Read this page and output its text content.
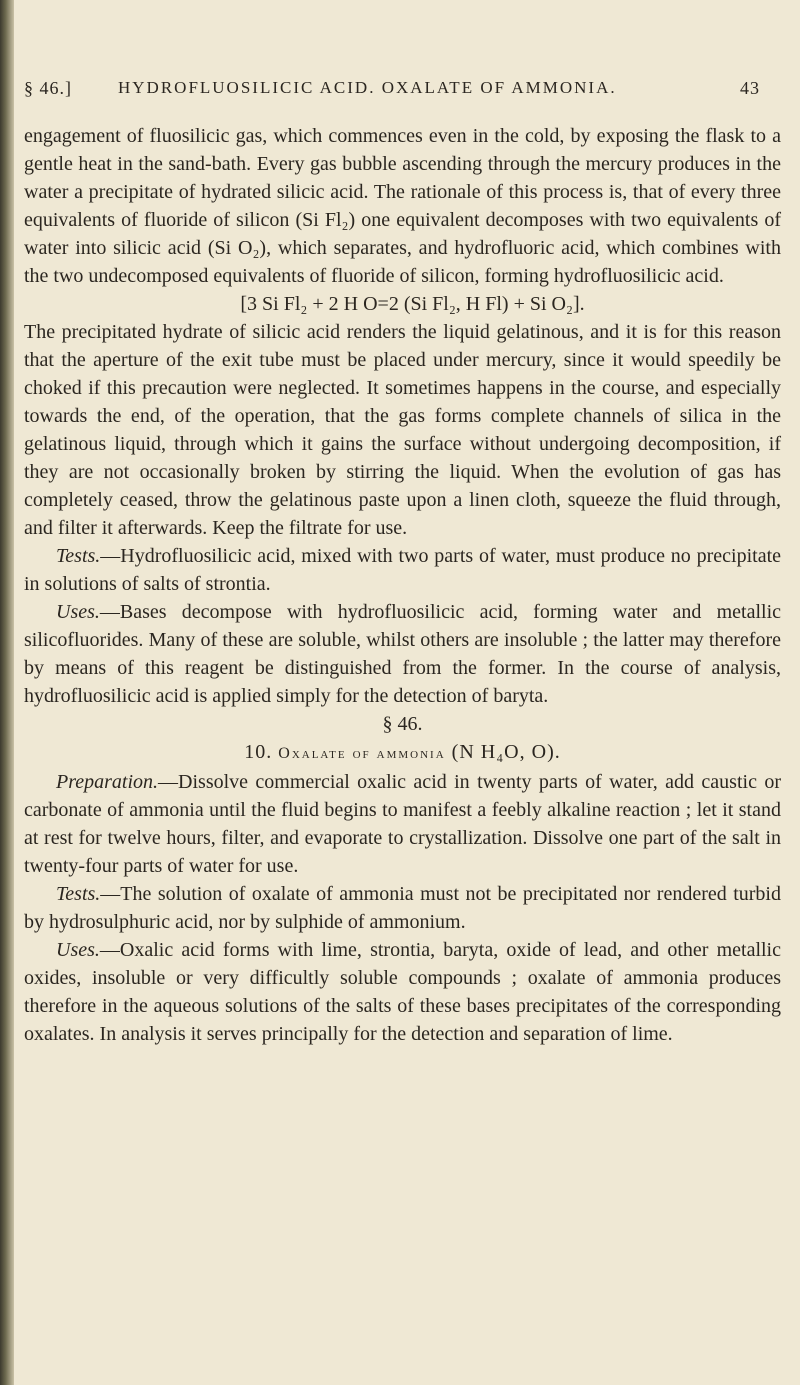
§ 46.]	HYDROFLUOSILICIC ACID. OXALATE OF AMMONIA.	43

engagement of fluosilicic gas, which commences even in the cold, by exposing the flask to a gentle heat in the sand-bath. Every gas bubble ascending through the mercury produces in the water a precipitate of hydrated silicic acid. The rationale of this process is, that of every three equivalents of fluoride of silicon (Si Fl₂) one equivalent decomposes with two equivalents of water into silicic acid (Si O₂), which separates, and hydrofluoric acid, which combines with the two undecomposed equivalents of fluoride of silicon, forming hydrofluosilicic acid.

[3 Si Fl₂ + 2 H O=2 (Si Fl₂, H Fl) + Si O₂].

The precipitated hydrate of silicic acid renders the liquid gelatinous, and it is for this reason that the aperture of the exit tube must be placed under mercury, since it would speedily be choked if this precaution were neglected. It sometimes happens in the course, and especially towards the end, of the operation, that the gas forms complete channels of silica in the gelatinous liquid, through which it gains the surface without undergoing decomposition, if they are not occasionally broken by stirring the liquid. When the evolution of gas has completely ceased, throw the gelatinous paste upon a linen cloth, squeeze the fluid through, and filter it afterwards. Keep the filtrate for use.

Tests.—Hydrofluosilicic acid, mixed with two parts of water, must produce no precipitate in solutions of salts of strontia.

Uses.—Bases decompose with hydrofluosilicic acid, forming water and metallic silicofluorides. Many of these are soluble, whilst others are insoluble ; the latter may therefore by means of this reagent be distinguished from the former. In the course of analysis, hydrofluosilicic acid is applied simply for the detection of baryta.

§ 46.

10. Oxalate of ammonia (N H₄O, O).

Preparation.—Dissolve commercial oxalic acid in twenty parts of water, add caustic or carbonate of ammonia until the fluid begins to manifest a feebly alkaline reaction ; let it stand at rest for twelve hours, filter, and evaporate to crystallization. Dissolve one part of the salt in twenty-four parts of water for use.

Tests.—The solution of oxalate of ammonia must not be precipitated nor rendered turbid by hydrosulphuric acid, nor by sulphide of ammonium.

Uses.—Oxalic acid forms with lime, strontia, baryta, oxide of lead, and other metallic oxides, insoluble or very difficultly soluble compounds ; oxalate of ammonia produces therefore in the aqueous solutions of the salts of these bases precipitates of the corresponding oxalates. In analysis it serves principally for the detection and separation of lime.
